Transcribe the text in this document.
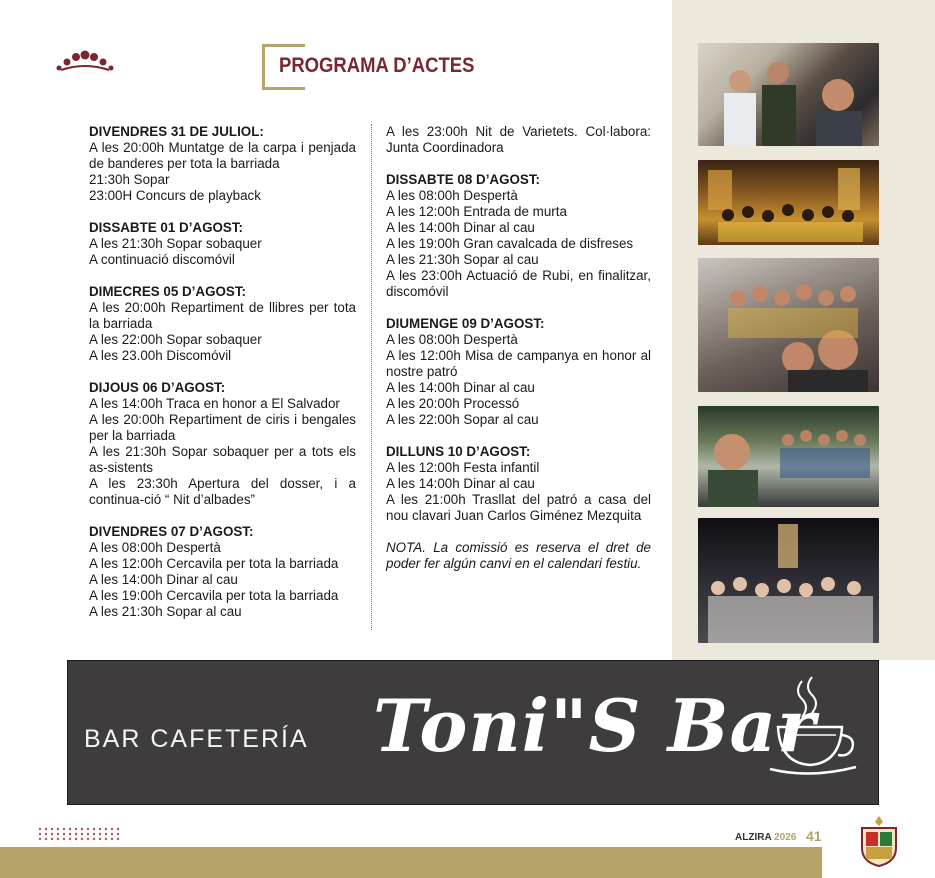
PROGRAMA D’ACTES
DIVENDRES 31 DE JULIOL:
A les 20:00h Muntatge de la carpa i penjada de banderes per tota la barriada
21:30h Sopar
23:00H Concurs de playback
DISSABTE 01 D’AGOST:
A les 21:30h Sopar sobaquer
A continuació discomóvil
DIMECRES 05 D’AGOST:
A les 20:00h Repartiment de llibres per tota la barriada
A les 22:00h Sopar sobaquer
A les 23.00h Discomóvil
DIJOUS 06 D’AGOST:
A les 14:00h Traca en honor a El Salvador
A les 20:00h Repartiment de ciris i bengales per la barriada
A les 21:30h Sopar sobaquer per a tots els as-sistents
A les 23:30h Apertura del dosser, i a continua-ció “ Nit d’albades”
DIVENDRES 07 D’AGOST:
A les 08:00h Despertà
A les 12:00h Cercavila per tota la barriada
A les 14:00h Dinar al cau
A les 19:00h Cercavila per tota la barriada
A les 21:30h Sopar al cau
A les 23:00h Nit de Varietets. Col·labora: Junta Coordinadora
DISSABTE 08 D’AGOST:
A les 08:00h Despertà
A les 12:00h Entrada de murta
A les 14:00h Dinar al cau
A les 19:00h Gran cavalcada de disfreses
A les 21:30h Sopar al cau
A les 23:00h Actuació de Rubi, en finalitzar, discomóvil
DIUMENGE 09 D’AGOST:
A les 08:00h Despertà
A les 12:00h Misa de campanya en honor al nostre patró
A les 14:00h Dinar al cau
A les 20:00h Processó
A les 22:00h Sopar al cau
DILLUNS 10 D’AGOST:
A les 12:00h Festa infantil
A les 14:00h Dinar al cau
A les 21:00h Trasllat del patró a casa del nou clavari Juan Carlos Giménez Mezquita
NOTA. La comissió es reserva el dret de poder fer algún canvi en el calendari festiu.
BAR CAFETERÍA Toni"S Bar
ALZIRA 2026 41
